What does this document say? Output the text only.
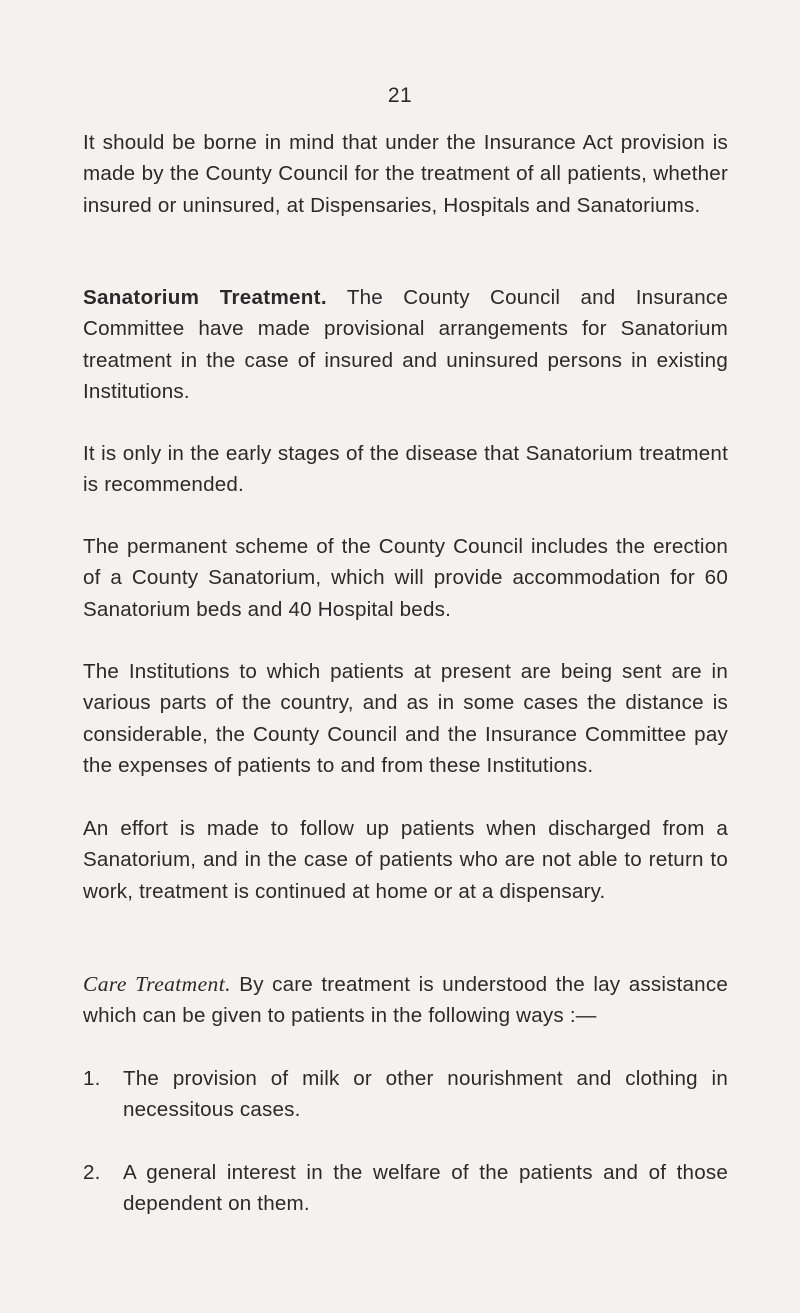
21

It should be borne in mind that under the Insurance Act provision is made by the County Council for the treatment of all patients, whether insured or uninsured, at Dispensaries, Hospitals and Sanatoriums.

Sanatorium Treatment. The County Council and Insurance Committee have made provisional arrangements for Sanatorium treatment in the case of insured and uninsured persons in existing Institutions.

It is only in the early stages of the disease that Sanatorium treatment is recommended.

The permanent scheme of the County Council includes the erection of a County Sanatorium, which will provide accommodation for 60 Sanatorium beds and 40 Hospital beds.

The Institutions to which patients at present are being sent are in various parts of the country, and as in some cases the distance is considerable, the County Council and the Insurance Committee pay the expenses of patients to and from these Institutions.

An effort is made to follow up patients when discharged from a Sanatorium, and in the case of patients who are not able to return to work, treatment is continued at home or at a dispensary.

Care Treatment. By care treatment is understood the lay assistance which can be given to patients in the following ways :—

1.	The provision of milk or other nourishment and clothing in necessitous cases.
2.	A general interest in the welfare of the patients and of those dependent on them.
